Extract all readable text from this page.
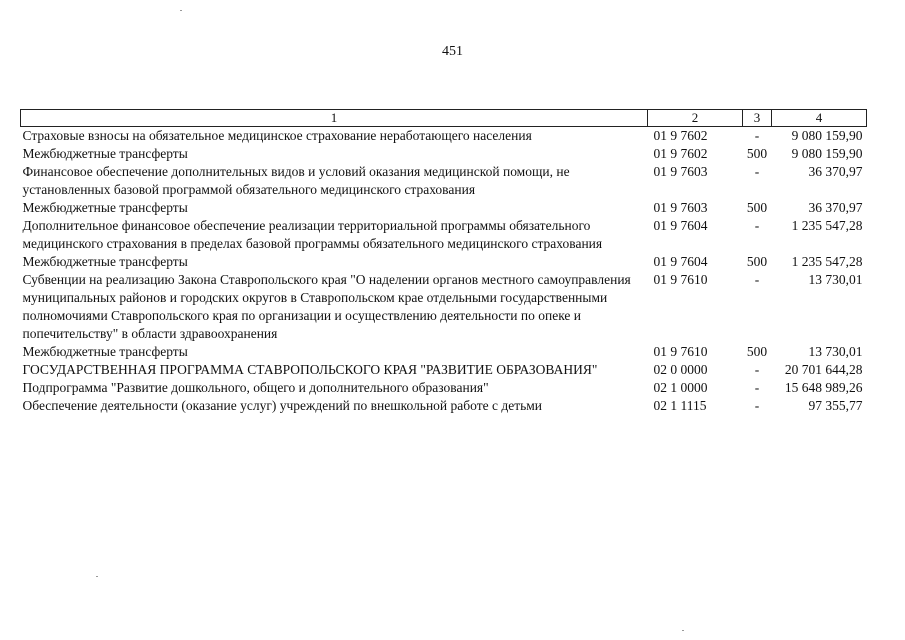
451
1	2	3	4
Страховые взносы на обязательное медицинское страхование неработающего населения	01 9 7602	-	9 080 159,90
Межбюджетные трансферты	01 9 7602	500	9 080 159,90
Финансовое обеспечение дополнительных видов и условий оказания медицинской помощи, не установленных базовой программой обязательного медицинского страхования	01 9 7603	-	36 370,97
Межбюджетные трансферты	01 9 7603	500	36 370,97
Дополнительное финансовое обеспечение реализации территориальной программы обязательного медицинского страхования в пределах базовой программы обязательного медицинского страхования	01 9 7604	-	1 235 547,28
Межбюджетные трансферты	01 9 7604	500	1 235 547,28
Субвенции на реализацию Закона Ставропольского края "О наделении органов местного самоуправления муниципальных районов и городских округов в Ставропольском крае отдельными государственными полномочиями Ставропольского края по организации и осуществлению деятельности по опеке и попечительству" в области здравоохранения	01 9 7610	-	13 730,01
Межбюджетные трансферты	01 9 7610	500	13 730,01
ГОСУДАРСТВЕННАЯ ПРОГРАММА СТАВРОПОЛЬСКОГО КРАЯ "РАЗВИТИЕ ОБРАЗОВАНИЯ"	02 0 0000	-	20 701 644,28
Подпрограмма "Развитие дошкольного, общего и дополнительного образования"	02 1 0000	-	15 648 989,26
Обеспечение деятельности (оказание услуг) учреждений по внешкольной работе с детьми	02 1 1115	-	97 355,77
